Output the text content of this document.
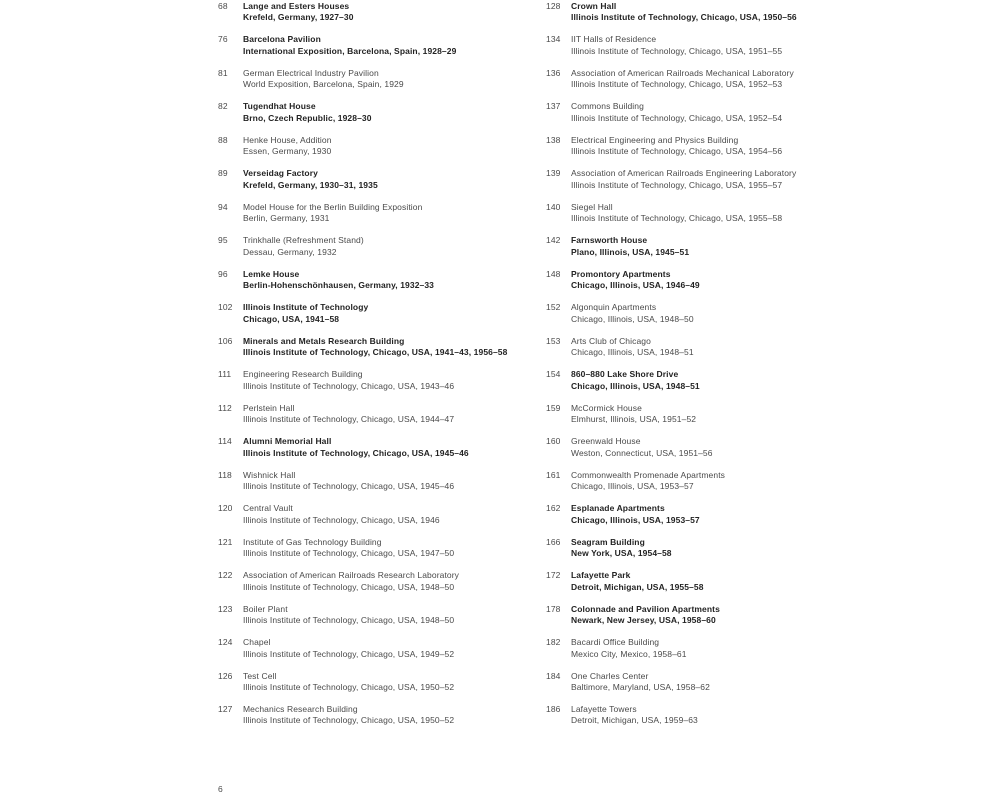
68	Lange and Esters Houses
Krefeld, Germany, 1927–30
76	Barcelona Pavilion
International Exposition, Barcelona, Spain, 1928–29
81	German Electrical Industry Pavilion
World Exposition, Barcelona, Spain, 1929
82	Tugendhat House
Brno, Czech Republic, 1928–30
88	Henke House, Addition
Essen, Germany, 1930
89	Verseidag Factory
Krefeld, Germany, 1930–31, 1935
94	Model House for the Berlin Building Exposition
Berlin, Germany, 1931
95	Trinkhalle (Refreshment Stand)
Dessau, Germany, 1932
96	Lemke House
Berlin-Hohenschönhausen, Germany, 1932–33
102	Illinois Institute of Technology
Chicago, USA, 1941–58
106	Minerals and Metals Research Building
Illinois Institute of Technology, Chicago, USA, 1941–43, 1956–58
111	Engineering Research Building
Illinois Institute of Technology, Chicago, USA, 1943–46
112	Perlstein Hall
Illinois Institute of Technology, Chicago, USA, 1944–47
114	Alumni Memorial Hall
Illinois Institute of Technology, Chicago, USA, 1945–46
118	Wishnick Hall
Illinois Institute of Technology, Chicago, USA, 1945–46
120	Central Vault
Illinois Institute of Technology, Chicago, USA, 1946
121	Institute of Gas Technology Building
Illinois Institute of Technology, Chicago, USA, 1947–50
122	Association of American Railroads Research Laboratory
Illinois Institute of Technology, Chicago, USA, 1948–50
123	Boiler Plant
Illinois Institute of Technology, Chicago, USA, 1948–50
124	Chapel
Illinois Institute of Technology, Chicago, USA, 1949–52
126	Test Cell
Illinois Institute of Technology, Chicago, USA, 1950–52
127	Mechanics Research Building
Illinois Institute of Technology, Chicago, USA, 1950–52
128	Crown Hall
Illinois Institute of Technology, Chicago, USA, 1950–56
134	IIT Halls of Residence
Illinois Institute of Technology, Chicago, USA, 1951–55
136	Association of American Railroads Mechanical Laboratory
Illinois Institute of Technology, Chicago, USA, 1952–53
137	Commons Building
Illinois Institute of Technology, Chicago, USA, 1952–54
138	Electrical Engineering and Physics Building
Illinois Institute of Technology, Chicago, USA, 1954–56
139	Association of American Railroads Engineering Laboratory
Illinois Institute of Technology, Chicago, USA, 1955–57
140	Siegel Hall
Illinois Institute of Technology, Chicago, USA, 1955–58
142	Farnsworth House
Plano, Illinois, USA, 1945–51
148	Promontory Apartments
Chicago, Illinois, USA, 1946–49
152	Algonquin Apartments
Chicago, Illinois, USA, 1948–50
153	Arts Club of Chicago
Chicago, Illinois, USA, 1948–51
154	860–880 Lake Shore Drive
Chicago, Illinois, USA, 1948–51
159	McCormick House
Elmhurst, Illinois, USA, 1951–52
160	Greenwald House
Weston, Connecticut, USA, 1951–56
161	Commonwealth Promenade Apartments
Chicago, Illinois, USA, 1953–57
162	Esplanade Apartments
Chicago, Illinois, USA, 1953–57
166	Seagram Building
New York, USA, 1954–58
172	Lafayette Park
Detroit, Michigan, USA, 1955–58
178	Colonnade and Pavilion Apartments
Newark, New Jersey, USA, 1958–60
182	Bacardi Office Building
Mexico City, Mexico, 1958–61
184	One Charles Center
Baltimore, Maryland, USA, 1958–62
186	Lafayette Towers
Detroit, Michigan, USA, 1959–63
6
